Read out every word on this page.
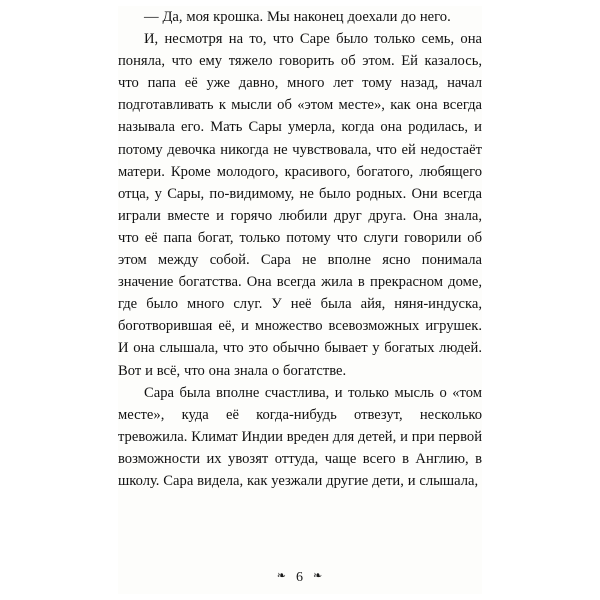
— Да, моя крошка. Мы наконец доехали до него.

И, несмотря на то, что Саре было только семь, она поняла, что ему тяжело говорить об этом. Ей казалось, что папа её уже давно, много лет тому назад, начал подготавливать к мысли об «этом месте», как она всегда называла его. Мать Сары умерла, когда она родилась, и потому девочка никогда не чувствовала, что ей недостаёт матери. Кроме молодого, красивого, богатого, любящего отца, у Сары, по-видимому, не было родных. Они всегда играли вместе и горячо любили друг друга. Она знала, что её папа богат, только потому что слуги говорили об этом между собой. Сара не вполне ясно понимала значение богатства. Она всегда жила в прекрасном доме, где было много слуг. У неё была айя, няня-индуска, боготворившая её, и множество всевозможных игрушек. И она слышала, что это обычно бывает у богатых людей. Вот и всё, что она знала о богатстве.

Сара была вполне счастлива, и только мысль о «том месте», куда её когда-нибудь отвезут, несколько тревожила. Климат Индии вреден для детей, и при первой возможности их увозят оттуда, чаще всего в Англию, в школу. Сара видела, как уезжали другие дети, и слышала,

❧ 6 ❧
